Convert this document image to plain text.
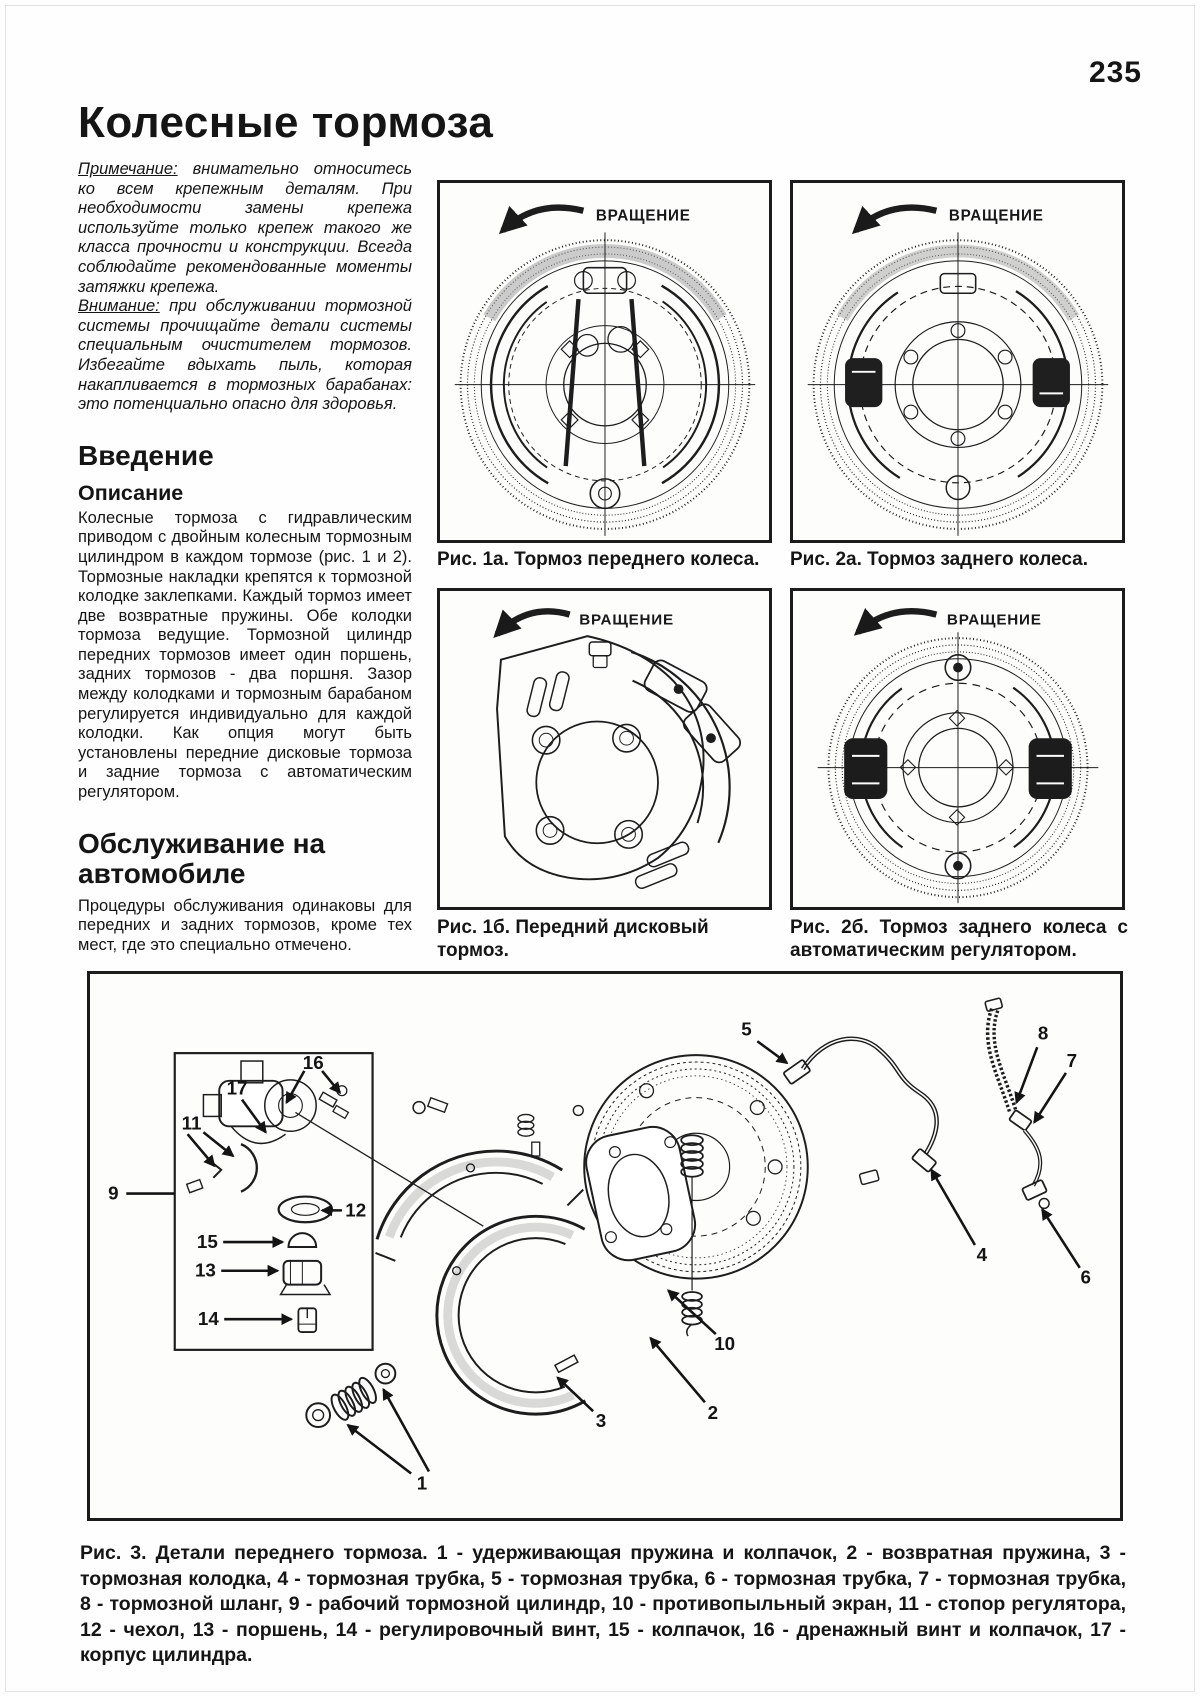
235
Колесные тормоза

Примечание: внимательно относитесь ко всем крепежным деталям. При необходимости замены крепежа используйте только крепеж такого же класса прочности и конструкции. Всегда соблюдайте рекомендованные моменты затяжки крепежа.

Внимание: при обслуживании тормозной системы прочищайте детали системы специальным очистителем тормозов. Избегайте вдыхать пыль, которая накапливается в тормозных барабанах: это потенциально опасно для здоровья.

Введение
Описание

Колесные тормоза с гидравлическим приводом с двойным колесным тормозным цилиндром в каждом тормозе (рис. 1 и 2). Тормозные накладки крепятся к тормозной колодке заклепками. Каждый тормоз имеет две возвратные пружины. Обе колодки тормоза ведущие. Тормозной цилиндр передних тормозов имеет один поршень, задних тормозов - два поршня. Зазор между колодками и тормозным барабаном регулируется индивидуально для каждой колодки. Как опция могут быть установлены передние дисковые тормоза и задние тормоза с автоматическим регулятором.

Обслуживание на автомобиле

Процедуры обслуживания одинаковы для передних и задних тормозов, кроме тех мест, где это специально отмечено.

ВРАЩЕНИЕ	ВРАЩЕНИЕ
Рис. 1а. Тормоз переднего колеса.	Рис. 2а. Тормоз заднего колеса.
ВРАЩЕНИЕ	ВРАЩЕНИЕ
Рис. 1б. Передний дисковый тормоз.
Рис. 2б. Тормоз заднего колеса с автоматическим регулятором.
16
17
11
9
12
15
13
14
1
3
5	8
7
4
6
10
2
Рис. 3. Детали переднего тормоза. 1 - удерживающая пружина и колпачок, 2 - возвратная пружина, 3 - тормозная колодка, 4 - тормозная трубка, 5 - тормозная трубка, 6 - тормозная трубка, 7 - тормозная трубка, 8 - тормозной шланг, 9 - рабочий тормозной цилиндр, 10 - противопыльный экран, 11 - стопор регулятора, 12 - чехол, 13 - поршень, 14 - регулировочный винт, 15 - колпачок, 16 - дренажный винт и колпачок, 17 - корпус цилиндра.
